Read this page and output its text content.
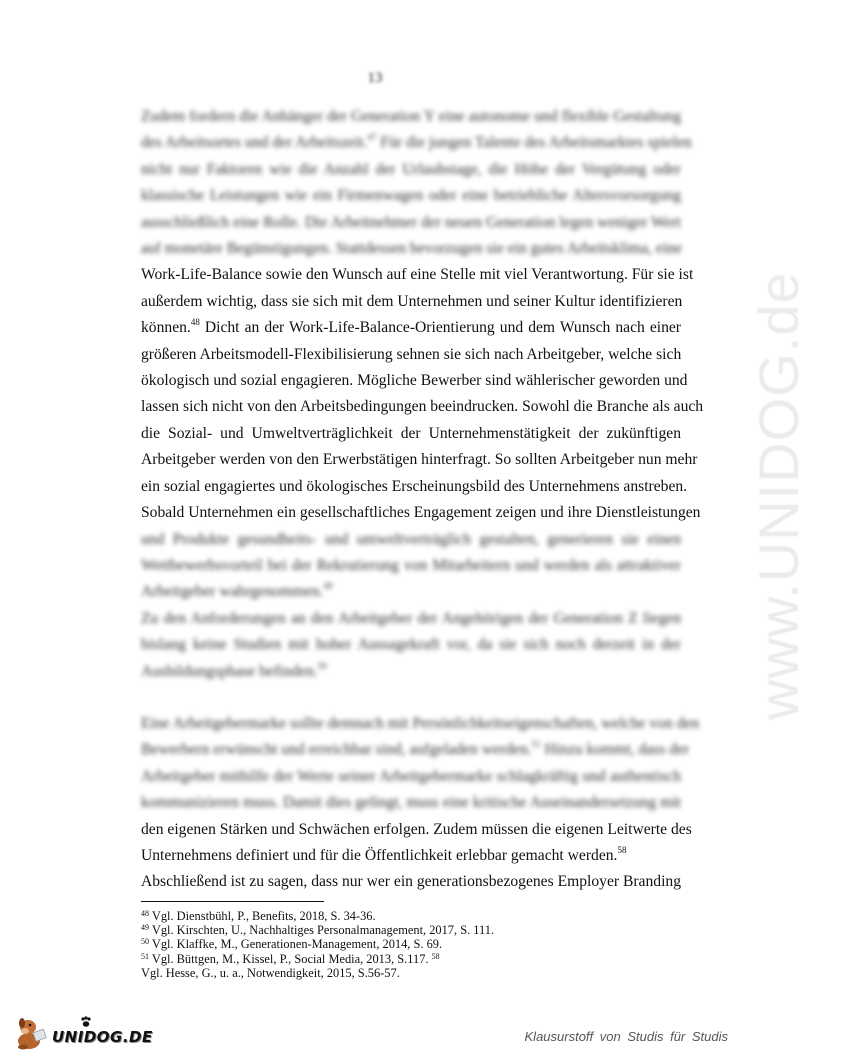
13
www.UNIDOG.de

Zudem fordern die Anhänger der Generation Y eine autonome und flexible Gestaltung
des Arbeitsortes und der Arbeitszeit.$^{47}$ Für die jungen Talente des Arbeitsmarktes spielen
nicht nur Faktoren wie die Anzahl der Urlaubstage, die Höhe der Vergütung oder
klassische Leistungen wie ein Firmenwagen oder eine betriebliche Altersvorsorgung
ausschließlich eine Rolle. Die Arbeitnehmer der neuen Generation legen weniger Wert
auf monetäre Begünstigungen. Stattdessen bevorzugen sie ein gutes Arbeitsklima, eine

Work-Life-Balance sowie den Wunsch auf eine Stelle mit viel Verantwortung. Für sie ist
außerdem wichtig, dass sie sich mit dem Unternehmen und seiner Kultur identifizieren
können.$^{48}$ Dicht an der Work-Life-Balance-Orientierung und dem Wunsch nach einer
größeren Arbeitsmodell-Flexibilisierung sehnen sie sich nach Arbeitgeber, welche sich
ökologisch und sozial engagieren. Mögliche Bewerber sind wählerischer geworden und
lassen sich nicht von den Arbeitsbedingungen beeindrucken. Sowohl die Branche als auch
die Sozial- und Umweltverträglichkeit der Unternehmenstätigkeit der zukünftigen
Arbeitgeber werden von den Erwerbstätigen hinterfragt. So sollten Arbeitgeber nun mehr
ein sozial engagiertes und ökologisches Erscheinungsbild des Unternehmens anstreben.
Sobald Unternehmen ein gesellschaftliches Engagement zeigen und ihre Dienstleistungen

und Produkte gesundheits- und umweltverträglich gestalten, generieren sie einen
Wettbewerbsvorteil bei der Rekrutierung von Mitarbeitern und werden als attraktiver
Arbeitgeber wahrgenommen.$^{49}$

Zu den Anforderungen an den Arbeitgeber der Angehörigen der Generation Z liegen
bislang keine Studien mit hoher Aussagekraft vor, da sie sich noch derzeit in der
Ausbildungsphase befinden.$^{50}$

Eine Arbeitgebermarke sollte demnach mit Persönlichkeitseigenschaften, welche von den
Bewerbern erwünscht und erreichbar sind, aufgeladen werden.$^{51}$ Hinzu kommt, dass der
Arbeitgeber mithilfe der Werte seiner Arbeitgebermarke schlagkräftig und authentisch
kommunizieren muss. Damit dies gelingt, muss eine kritische Auseinandersetzung mit

den eigenen Stärken und Schwächen erfolgen. Zudem müssen die eigenen Leitwerte des
Unternehmens definiert und für die Öffentlichkeit erlebbar gemacht werden.$^{58}$
Abschließend ist zu sagen, dass nur wer ein generationsbezogenes Employer Branding

$^{48}$ Vgl. Dienstbühl, P., Benefits, 2018, S. 34-36.
$^{49}$ Vgl. Kirschten, U., Nachhaltiges Personalmanagement, 2017, S. 111.
$^{50}$ Vgl. Klaffke, M., Generationen-Management, 2014, S. 69.
$^{51}$ Vgl. Büttgen, M., Kissel, P., Social Media, 2013, S.117. $^{58}$
Vgl. Hesse, G., u. a., Notwendigkeit, 2015, S.56-57.
UNIDOG.DE	Klausurstoff von Studis für Studis
